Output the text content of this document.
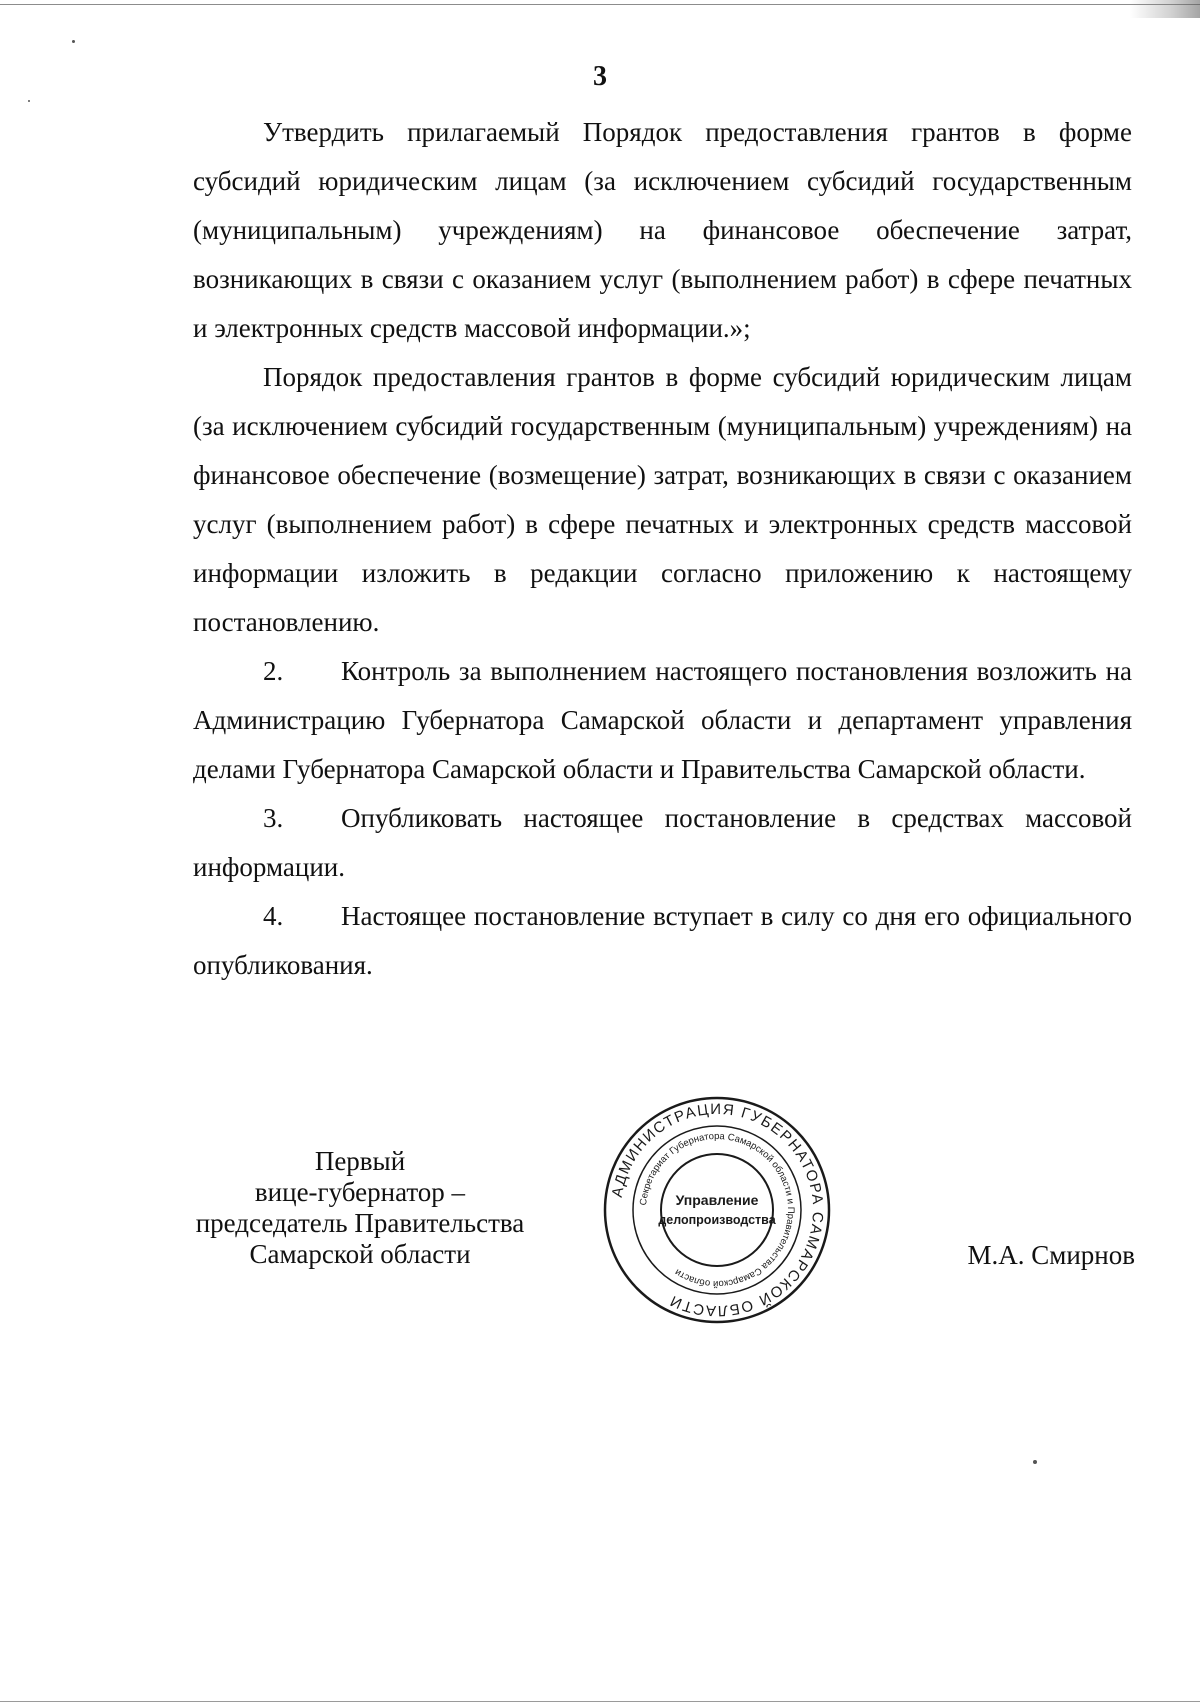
3

Утвердить прилагаемый Порядок предоставления грантов в форме субсидий юридическим лицам (за исключением субсидий государственным (муниципальным) учреждениям) на финансовое обеспечение затрат, возникающих в связи с оказанием услуг (выполнением работ) в сфере печатных и электронных средств массовой информации.»;

Порядок предоставления грантов в форме субсидий юридическим лицам (за исключением субсидий государственным (муниципальным) учреждениям) на финансовое обеспечение (возмещение) затрат, возникающих в связи с оказанием услуг (выполнением работ) в сфере печатных и электронных средств массовой информации изложить в редакции согласно приложению к настоящему постановлению.

2. Контроль за выполнением настоящего постановления возложить на Администрацию Губернатора Самарской области и департамент управления делами Губернатора Самарской области и Правительства Самарской области.

3. Опубликовать настоящее постановление в средствах массовой информации.

4. Настоящее постановление вступает в силу со дня его официального опубликования.

Первый
вице-губернатор –
председатель Правительства
Самарской области
АДМИНИСТРАЦИЯ ГУБЕРНАТОРА САМАРСКОЙ ОБЛАСТИ
Секретариат Губернатора Самарской области и Правительства Самарской области
Управление
делопроизводства
М.А. Смирнов
